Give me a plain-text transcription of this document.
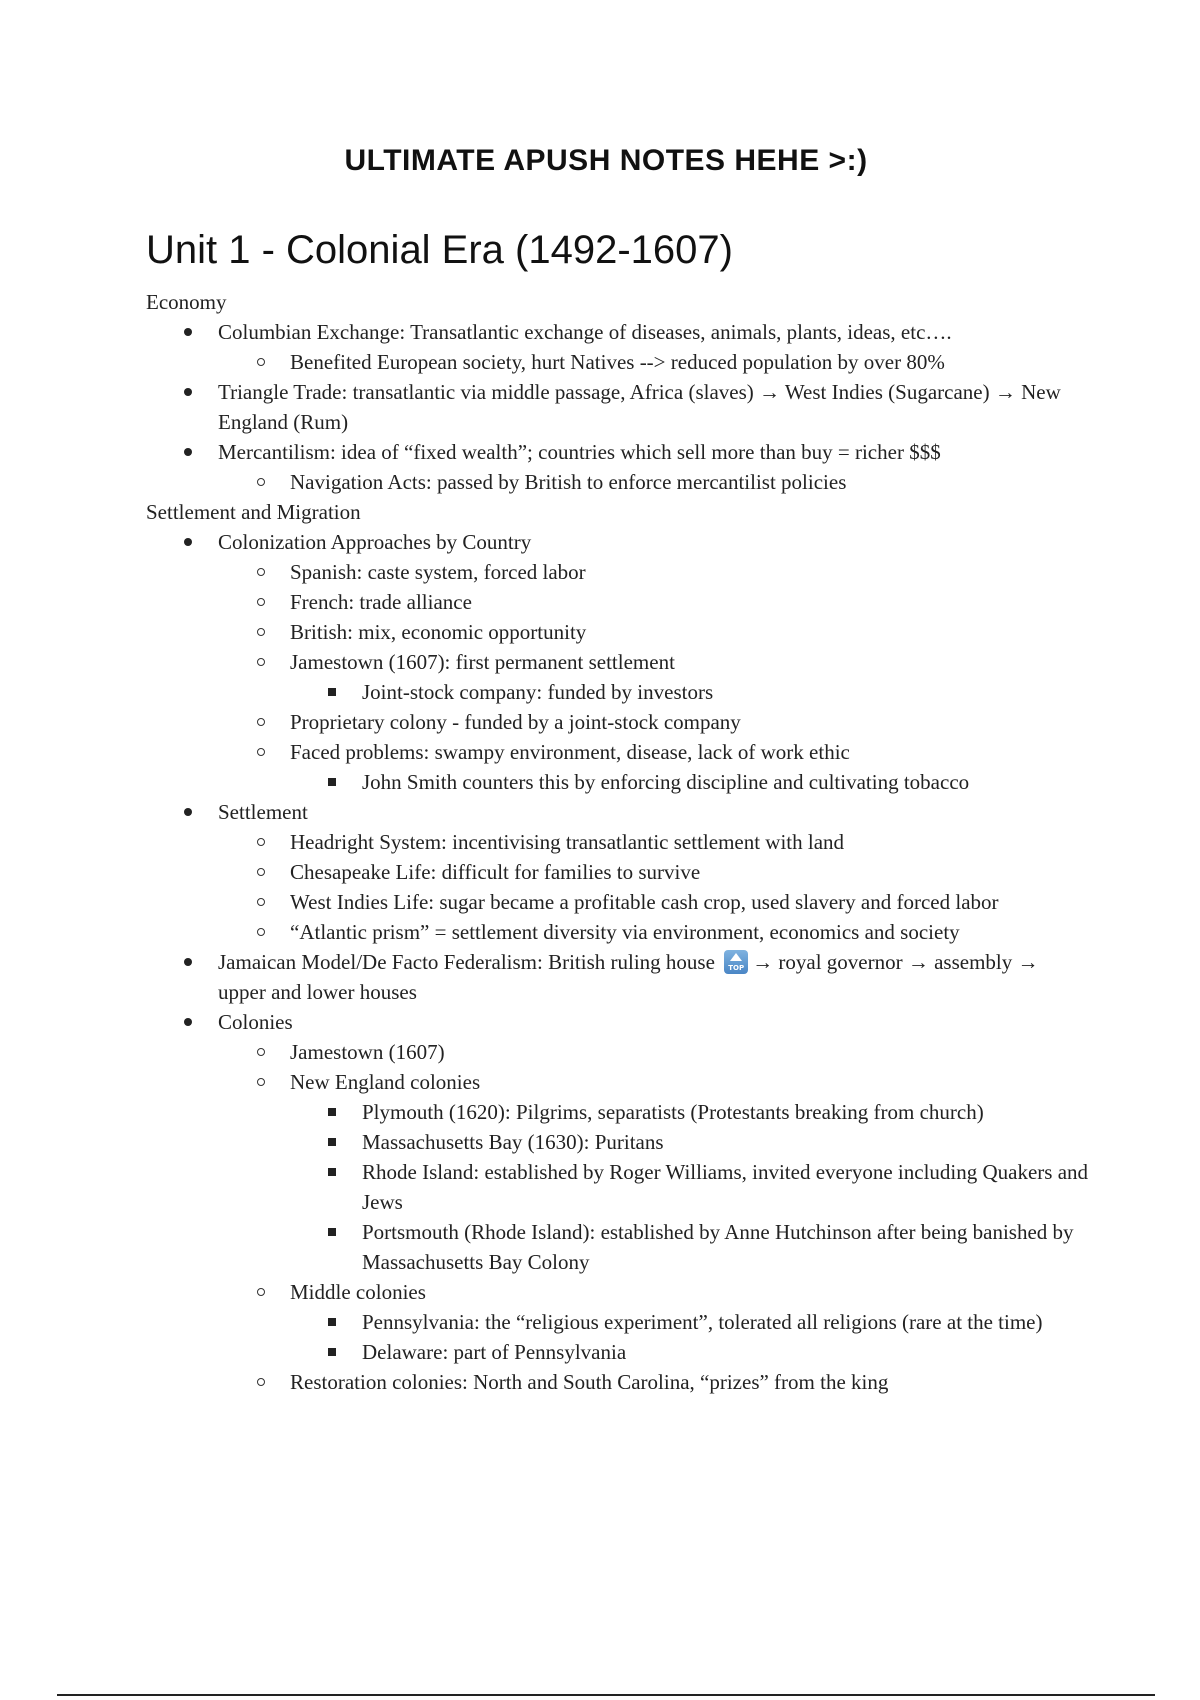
ULTIMATE APUSH NOTES HEHE >:)
Unit 1 - Colonial Era (1492-1607)

Economy

Columbian Exchange: Transatlantic exchange of diseases, animals, plants, ideas, etc….
Benefited European society, hurt Natives --> reduced population by over 80%
Triangle Trade: transatlantic via middle passage, Africa (slaves) → West Indies (Sugarcane) → New England (Rum)
Mercantilism: idea of “fixed wealth”; countries which sell more than buy = richer $$$
Navigation Acts: passed by British to enforce mercantilist policies

Settlement and Migration

Colonization Approaches by Country
Spanish: caste system, forced labor
French: trade alliance
British: mix, economic opportunity
Jamestown (1607): first permanent settlement
Joint-stock company: funded by investors
Proprietary colony - funded by a joint-stock company
Faced problems: swampy environment, disease, lack of work ethic
John Smith counters this by enforcing discipline and cultivating tobacco
Settlement
Headright System: incentivising transatlantic settlement with land
Chesapeake Life: difficult for families to survive
West Indies Life: sugar became a profitable cash crop, used slavery and forced labor
“Atlantic prism” = settlement diversity via environment, economics and society
Jamaican Model/De Facto Federalism: British ruling house	TOP → royal governor → assembly → upper and lower houses
Colonies
Jamestown (1607)
New England colonies
Plymouth (1620): Pilgrims, separatists (Protestants breaking from church)
Massachusetts Bay (1630): Puritans
Rhode Island: established by Roger Williams, invited everyone including Quakers and Jews
Portsmouth (Rhode Island): established by Anne Hutchinson after being banished by Massachusetts Bay Colony
Middle colonies
Pennsylvania: the “religious experiment”, tolerated all religions (rare at the time)
Delaware: part of Pennsylvania
Restoration colonies: North and South Carolina, “prizes” from the king
